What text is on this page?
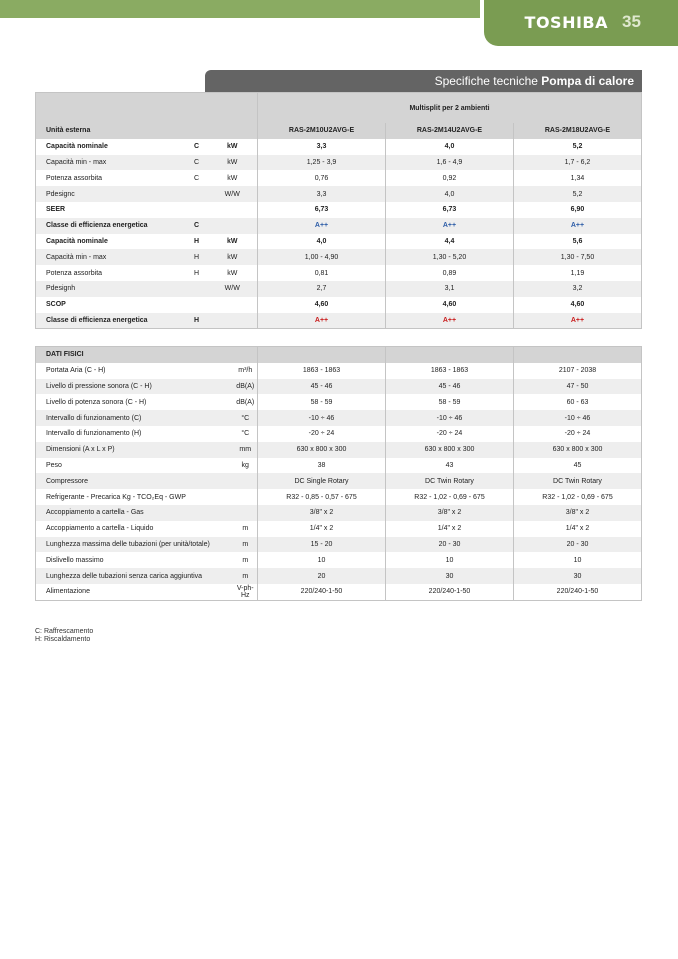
TOSHIBA 35
Specifiche tecniche Pompa di calore
			Multisplit per 2 ambienti		
Unità esterna			RAS-2M10U2AVG-E	RAS-2M14U2AVG-E	RAS-2M18U2AVG-E
Capacità nominale	C	kW	3,3	4,0	5,2
Capacità min - max	C	kW	1,25 - 3,9	1,6 - 4,9	1,7 - 6,2
Potenza assorbita	C	kW	0,76	0,92	1,34
Pdesignc		W/W	3,3	4,0	5,2
SEER			6,73	6,73	6,90
Classe di efficienza energetica	C		A++	A++	A++
Capacità nominale	H	kW	4,0	4,4	5,6
Capacità min - max	H	kW	1,00 - 4,90	1,30 - 5,20	1,30 - 7,50
Potenza assorbita	H	kW	0,81	0,89	1,19
Pdesignh		W/W	2,7	3,1	3,2
SCOP			4,60	4,60	4,60
Classe di efficienza energetica	H		A++	A++	A++
DATI FISICI				
Portata Aria (C - H)	m³/h	1863 - 1863	1863 - 1863	2107 - 2038
Livello di pressione sonora (C - H)	dB(A)	45 - 46	45 - 46	47 - 50
Livello di potenza sonora (C - H)	dB(A)	58 - 59	58 - 59	60 - 63
Intervallo di funzionamento (C)	°C	-10 ÷ 46	-10 ÷ 46	-10 ÷ 46
Intervallo di funzionamento (H)	°C	-20 ÷ 24	-20 ÷ 24	-20 ÷ 24
Dimensioni (A x L x P)	mm	630 x 800 x 300	630 x 800 x 300	630 x 800 x 300
Peso	kg	38	43	45
Compressore		DC Single Rotary	DC Twin Rotary	DC Twin Rotary
Refrigerante - Precarica Kg - TCO₂Eq - GWP		R32 - 0,85 - 0,57 - 675	R32 - 1,02 - 0,69 - 675	R32 - 1,02 - 0,69 - 675
Accoppiamento a cartella - Gas		3/8" x 2	3/8" x 2	3/8" x 2
Accoppiamento a cartella - Liquido	m	1/4" x 2	1/4" x 2	1/4" x 2
Lunghezza massima delle tubazioni (per unità/totale)	m	15 - 20	20 - 30	20 - 30
Dislivello massimo	m	10	10	10
Lunghezza delle tubazioni senza carica aggiuntiva	m	20	30	30
Alimentazione	V-ph-Hz	220/240-1-50	220/240-1-50	220/240-1-50
C: Raffrescamento
H: Riscaldamento
